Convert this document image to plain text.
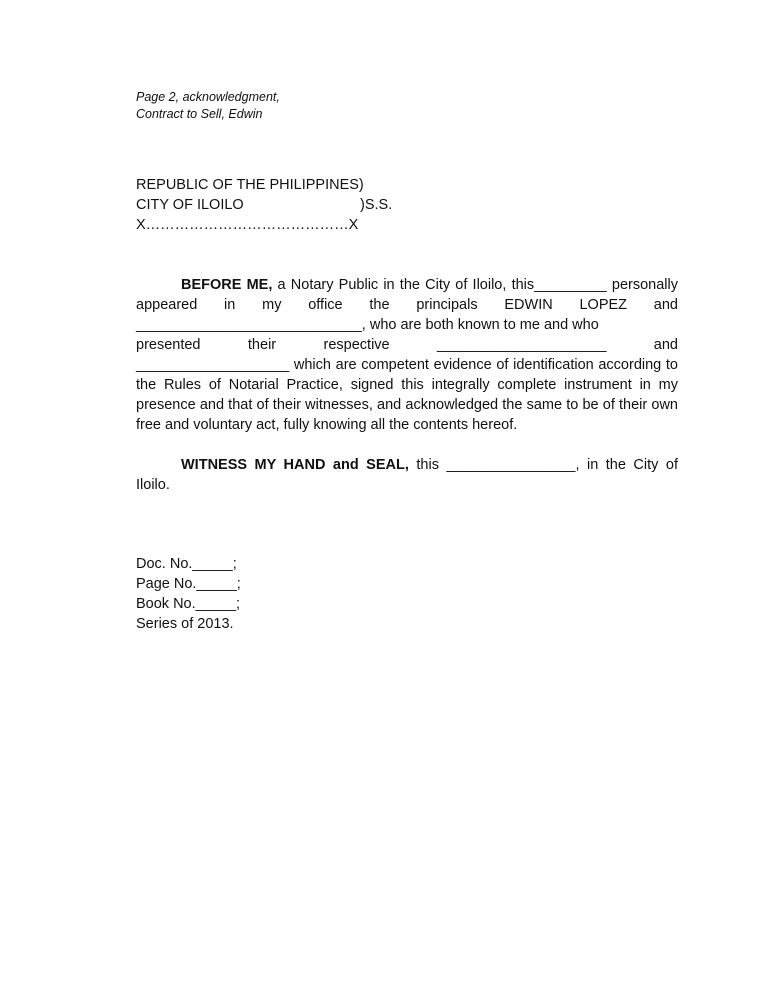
Page 2, acknowledgment,
Contract to Sell, Edwin
REPUBLIC OF THE PHILIPPINES)
CITY OF ILOILO	)S.S.
X……………………………………X

BEFORE ME, a Notary Public in the City of Iloilo, this_________ personally appeared in my office the principals EDWIN LOPEZ and ____________________________, who are both known to me and who
presented	their	respective	_____________________	and
___________________ which are competent evidence of identification according to the Rules of Notarial Practice, signed this integrally complete instrument in my presence and that of their witnesses, and acknowledged the same to be of their own free and voluntary act, fully knowing all the contents hereof.

WITNESS MY HAND and SEAL, this ________________, in the City of Iloilo.

Doc. No._____;
Page No._____;
Book No._____;
Series of 2013.
